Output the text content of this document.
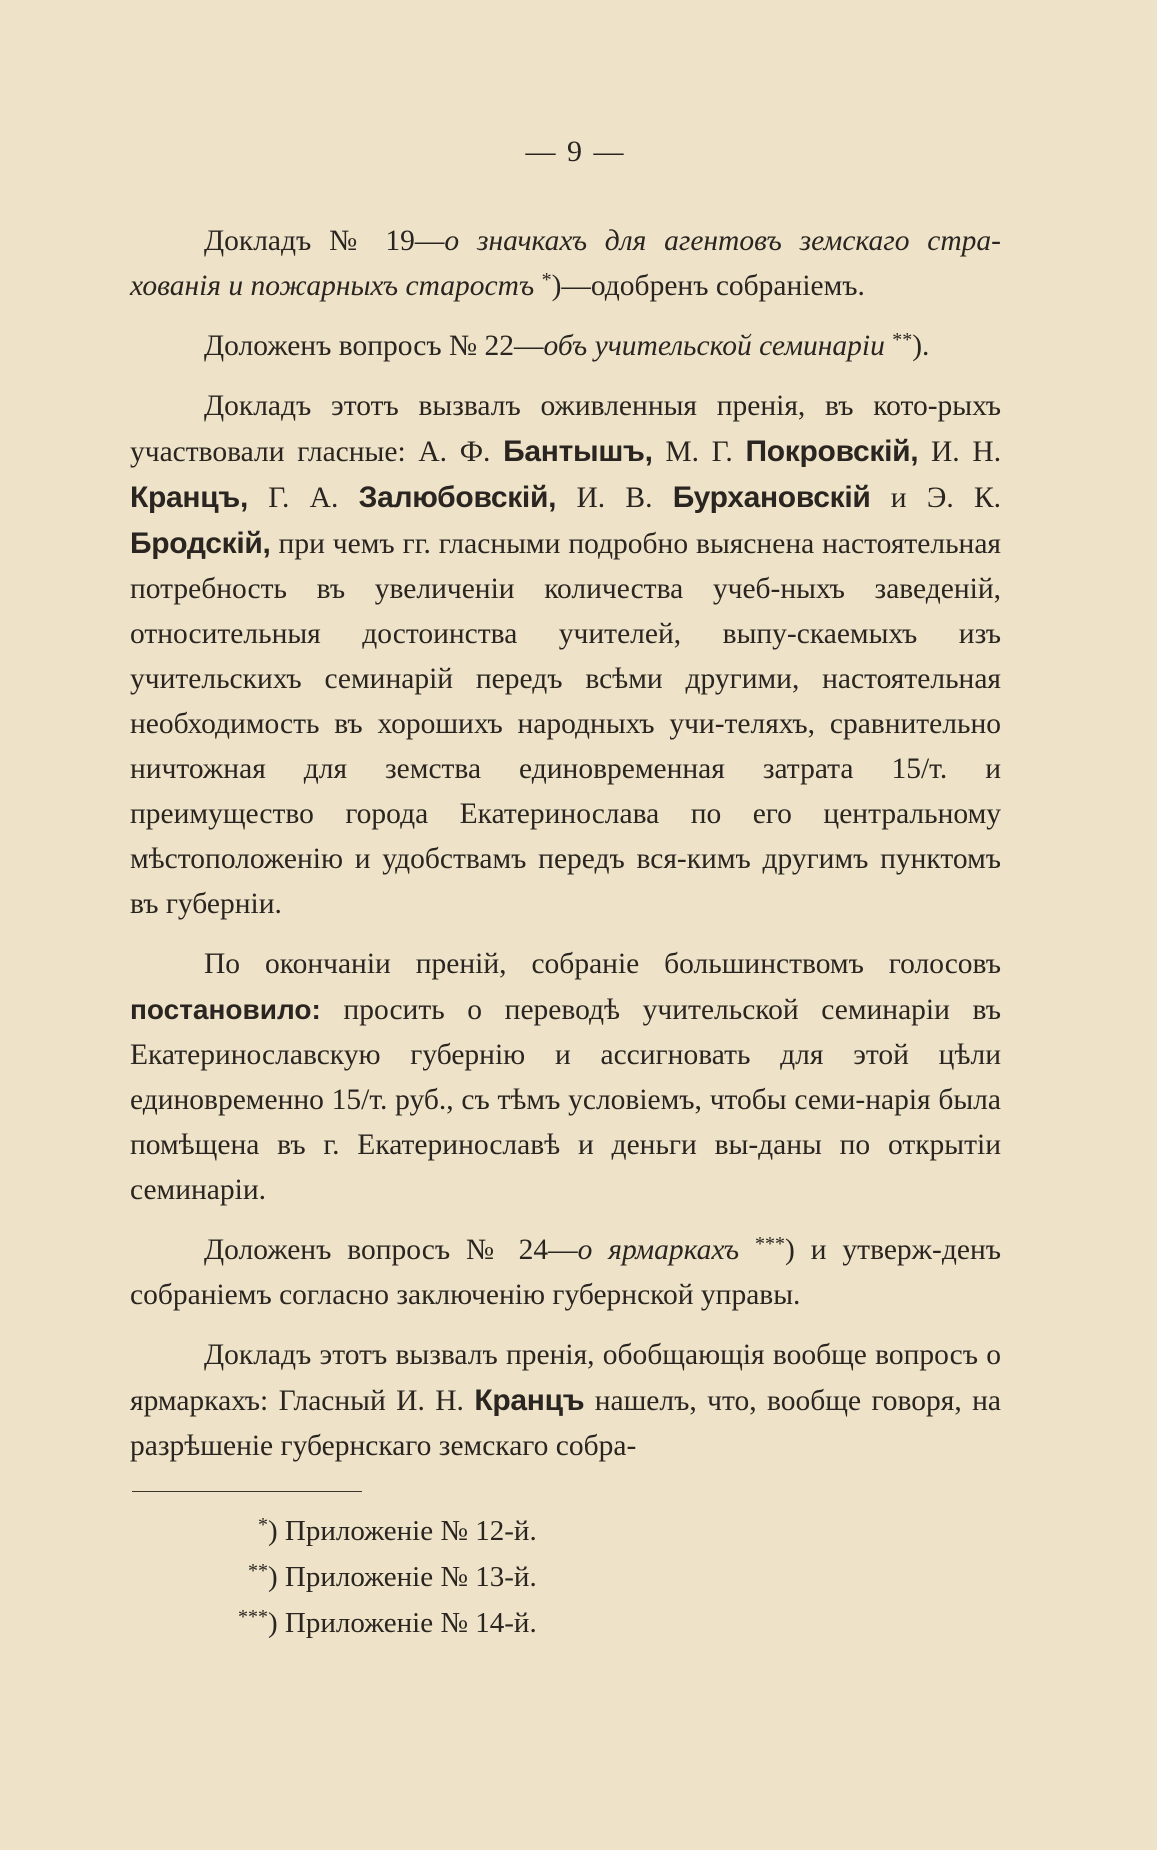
— 9 —

Докладъ № 19—о значкахъ для агентовъ земскаго стра-хованія и пожарныхъ старостъ *)—одобренъ собраніемъ.

Доложенъ вопросъ № 22—объ учительской семинаріи **).

Докладъ этотъ вызвалъ оживленныя пренія, въ кото-рыхъ участвовали гласные: А. Ф. Бантышъ, М. Г. Покровскій, И. Н. Кранцъ, Г. А. Залюбовскій, И. В. Бурхановскій и Э. К. Бродскій, при чемъ гг. гласными подробно выяснена настоятельная потребность въ увеличеніи количества учеб-ныхъ заведеній, относительныя достоинства учителей, выпу-скаемыхъ изъ учительскихъ семинарій передъ всѣми другими, настоятельная необходимость въ хорошихъ народныхъ учи-теляхъ, сравнительно ничтожная для земства единовременная затрата 15/т. и преимущество города Екатеринослава по его центральному мѣстоположенію и удобствамъ передъ вся-кимъ другимъ пунктомъ въ губерніи.

По окончаніи преній, собраніе большинствомъ голосовъ постановило: просить о переводѣ учительской семинаріи въ Екатеринославскую губернію и ассигновать для этой цѣли единовременно 15/т. руб., съ тѣмъ условіемъ, чтобы семи-нарія была помѣщена въ г. Екатеринославѣ и деньги вы-даны по открытіи семинаріи.

Доложенъ вопросъ № 24—о ярмаркахъ ***) и утверж-денъ собраніемъ согласно заключенію губернской управы.

Докладъ этотъ вызвалъ пренія, обобщающія вообще вопросъ о ярмаркахъ: Гласный И. Н. Кранцъ нашелъ, что, вообще говоря, на разрѣшеніе губернскаго земскаго собра-

*) Приложеніе № 12-й.
**) Приложеніе № 13-й.
***) Приложеніе № 14-й.
